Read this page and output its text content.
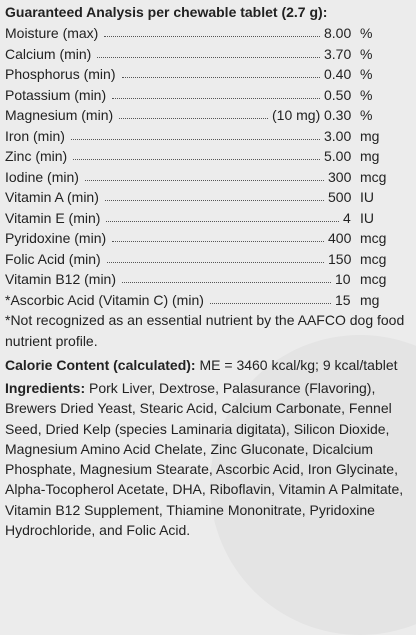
Guaranteed Analysis per chewable tablet (2.7 g):
Moisture (max)	8.00 %
Calcium (min)	3.70 %
Phosphorus (min)	0.40 %
Potassium (min)	0.50 %
Magnesium (min)	(10 mg) 0.30 %
Iron (min)	3.00 mg
Zinc (min)	5.00 mg
Iodine (min)	300 mcg
Vitamin A (min)	500 IU
Vitamin E (min)	4 IU
Pyridoxine (min)	400 mcg
Folic Acid (min)	150 mcg
Vitamin B12 (min)	10 mcg
*Ascorbic Acid (Vitamin C) (min)	15 mg
*Not recognized as an essential nutrient by the AAFCO dog food nutrient profile.
Calorie Content (calculated): ME = 3460 kcal/kg; 9 kcal/tablet
Ingredients: Pork Liver, Dextrose, Palasurance (Flavoring), Brewers Dried Yeast, Stearic Acid, Calcium Carbonate, Fennel Seed, Dried Kelp (species Laminaria digitata), Silicon Dioxide, Magnesium Amino Acid Chelate, Zinc Gluconate, Dicalcium Phosphate, Magnesium Stearate, Ascorbic Acid, Iron Glycinate, Alpha-Tocopherol Acetate, DHA, Riboflavin, Vitamin A Palmitate, Vitamin B12 Supplement, Thiamine Mononitrate, Pyridoxine Hydrochloride, and Folic Acid.
